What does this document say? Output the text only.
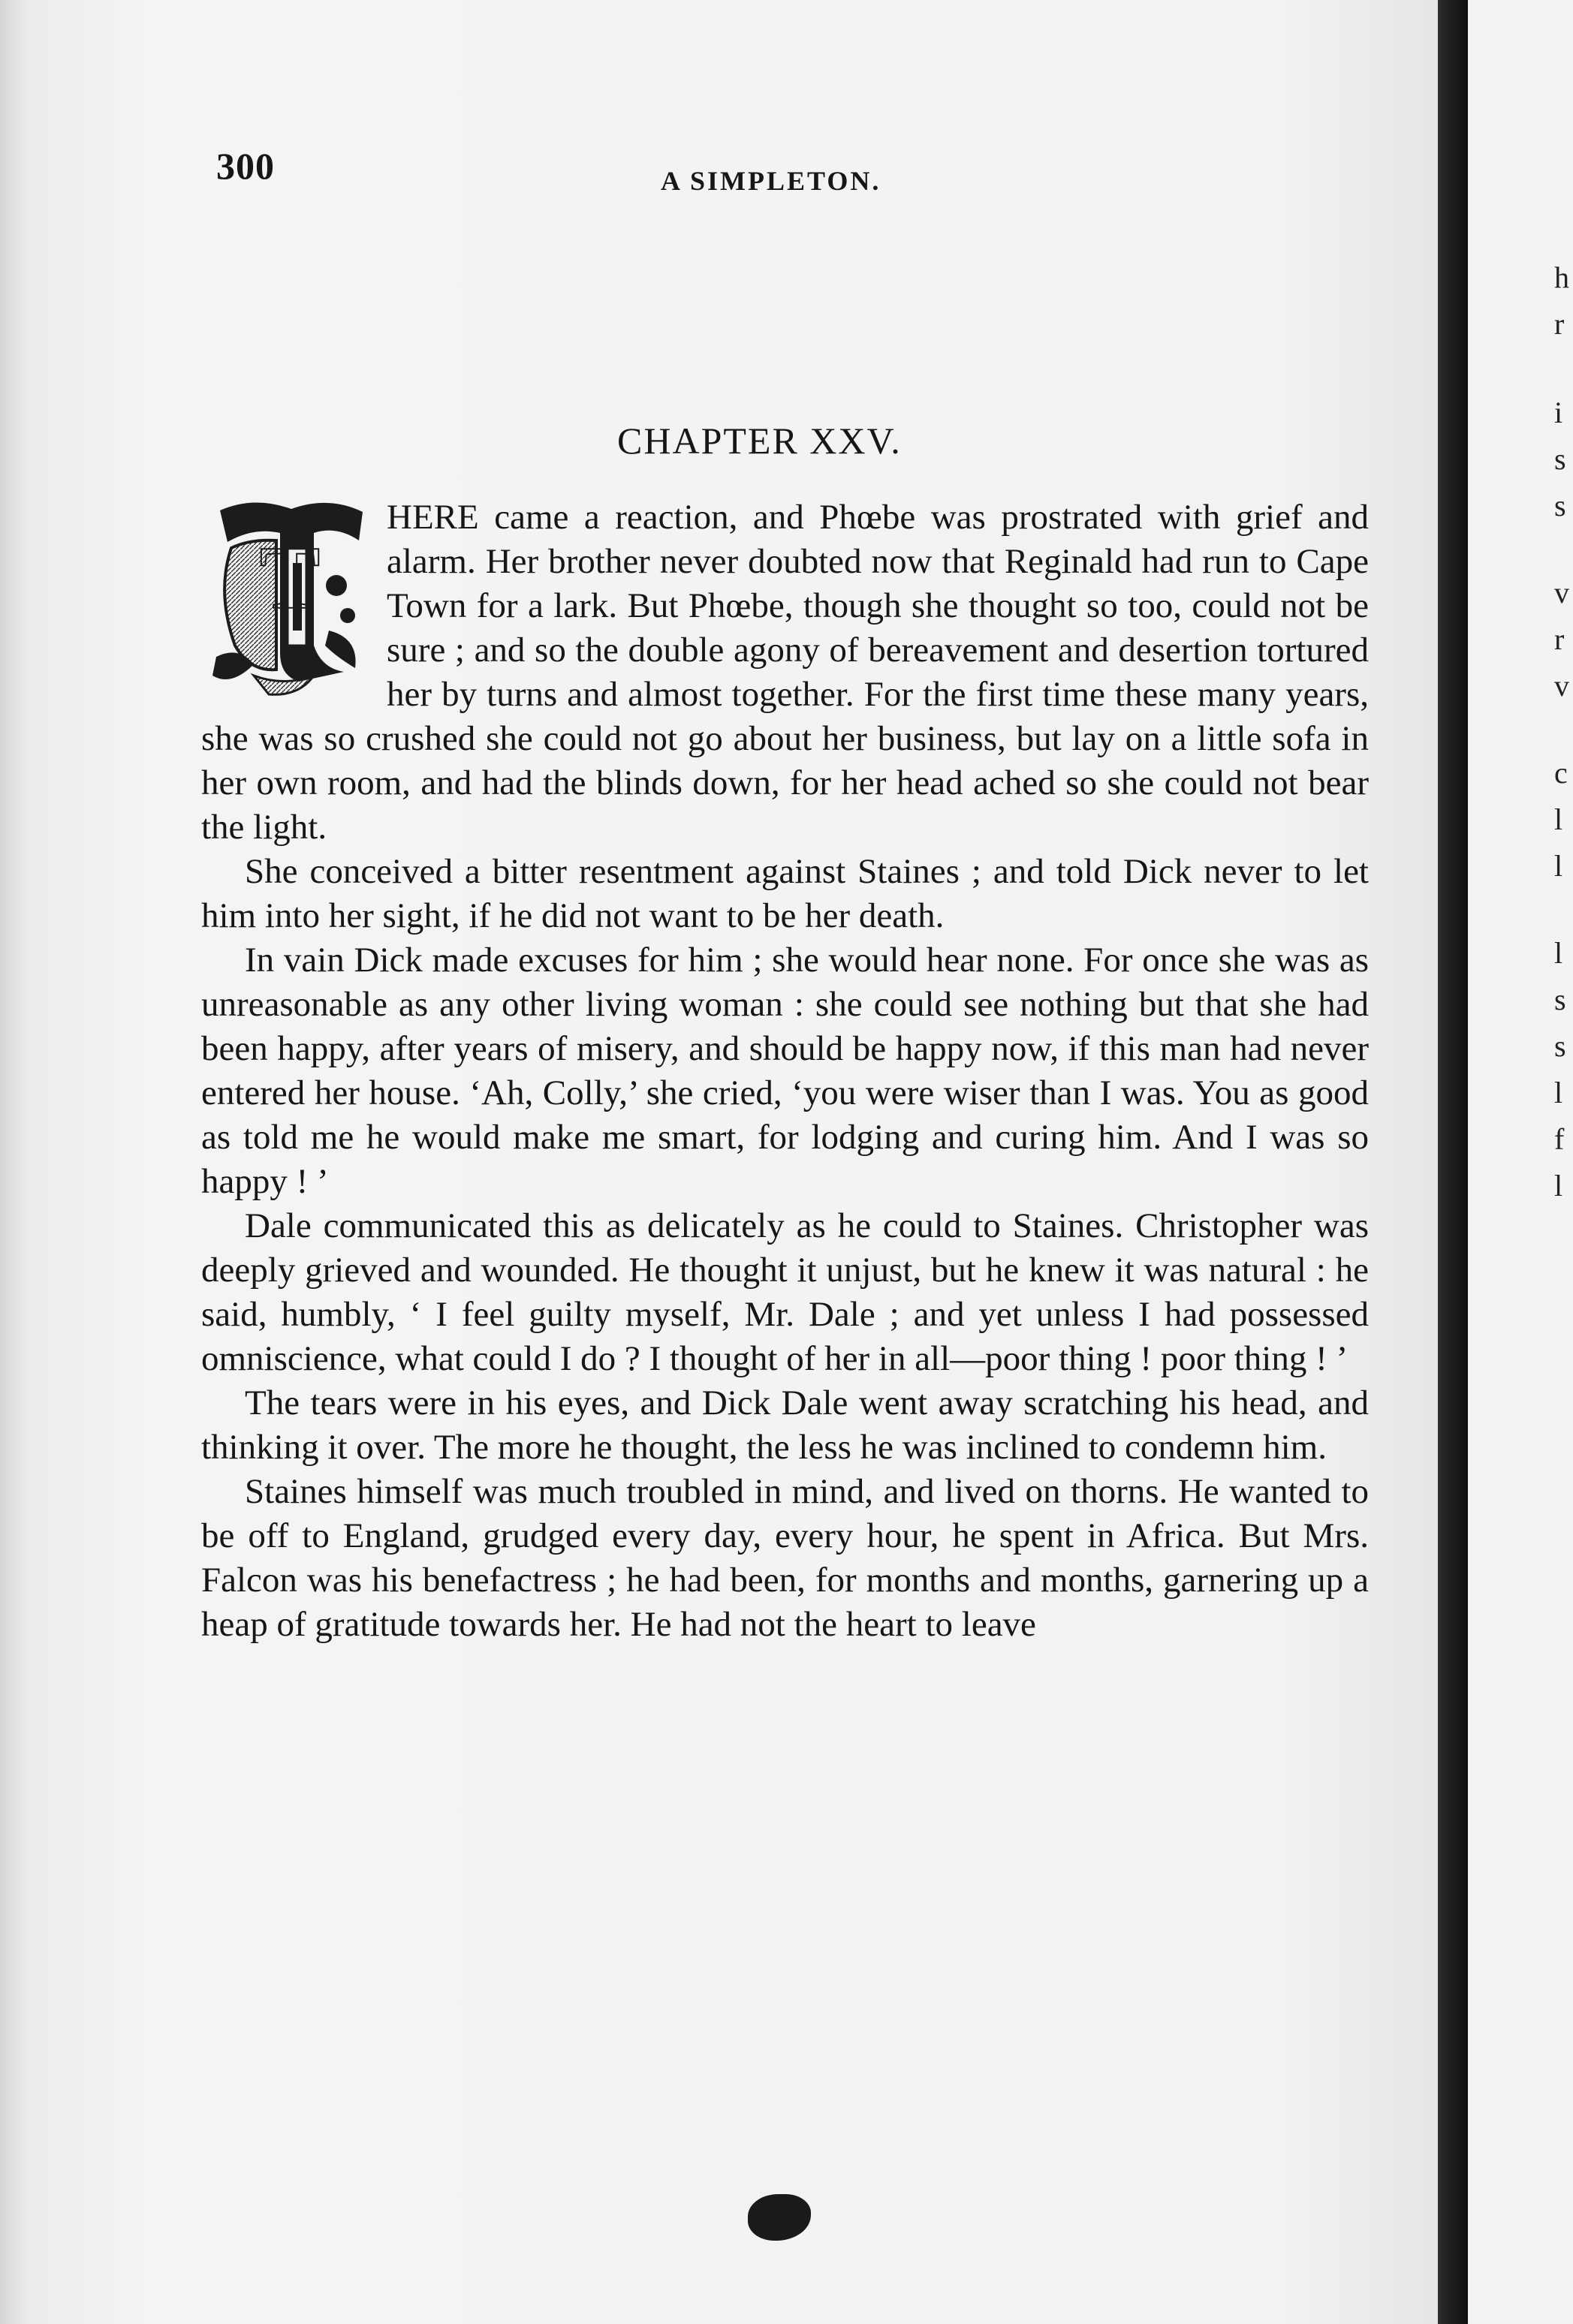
300	A SIMPLETON.
CHAPTER XXV.
T

HERE came a reaction, and Phœbe was prostrated with grief and alarm. Her brother never doubted now that Reginald had run to Cape Town for a lark. But Phœbe, though she thought so too, could not be sure ; and so the double agony of bereavement and desertion tortured her by turns and almost together. For the first time these many years, she was so crushed she could not go about her business, but lay on a little sofa in her own room, and had the blinds down, for her head ached so she could not bear the light.

She conceived a bitter resentment against Staines ; and told Dick never to let him into her sight, if he did not want to be her death.

In vain Dick made excuses for him ; she would hear none. For once she was as unreasonable as any other living woman : she could see nothing but that she had been happy, after years of misery, and should be happy now, if this man had never entered her house. ‘Ah, Colly,’ she cried, ‘you were wiser than I was. You as good as told me he would make me smart, for lodging and curing him. And I was so happy ! ’

Dale communicated this as delicately as he could to Staines. Christopher was deeply grieved and wounded. He thought it unjust, but he knew it was natural : he said, humbly, ‘ I feel guilty myself, Mr. Dale ; and yet unless I had possessed omniscience, what could I do ? I thought of her in all—poor thing ! poor thing ! ’

The tears were in his eyes, and Dick Dale went away scratching his head, and thinking it over. The more he thought, the less he was inclined to condemn him.

Staines himself was much troubled in mind, and lived on thorns. He wanted to be off to England, grudged every day, every hour, he spent in Africa. But Mrs. Falcon was his benefactress ; he had been, for months and months, garnering up a heap of gratitude towards her. He had not the heart to leave

h
r
i
s
s
v
r
v
c
l
l
l
s
s
l
f
l
